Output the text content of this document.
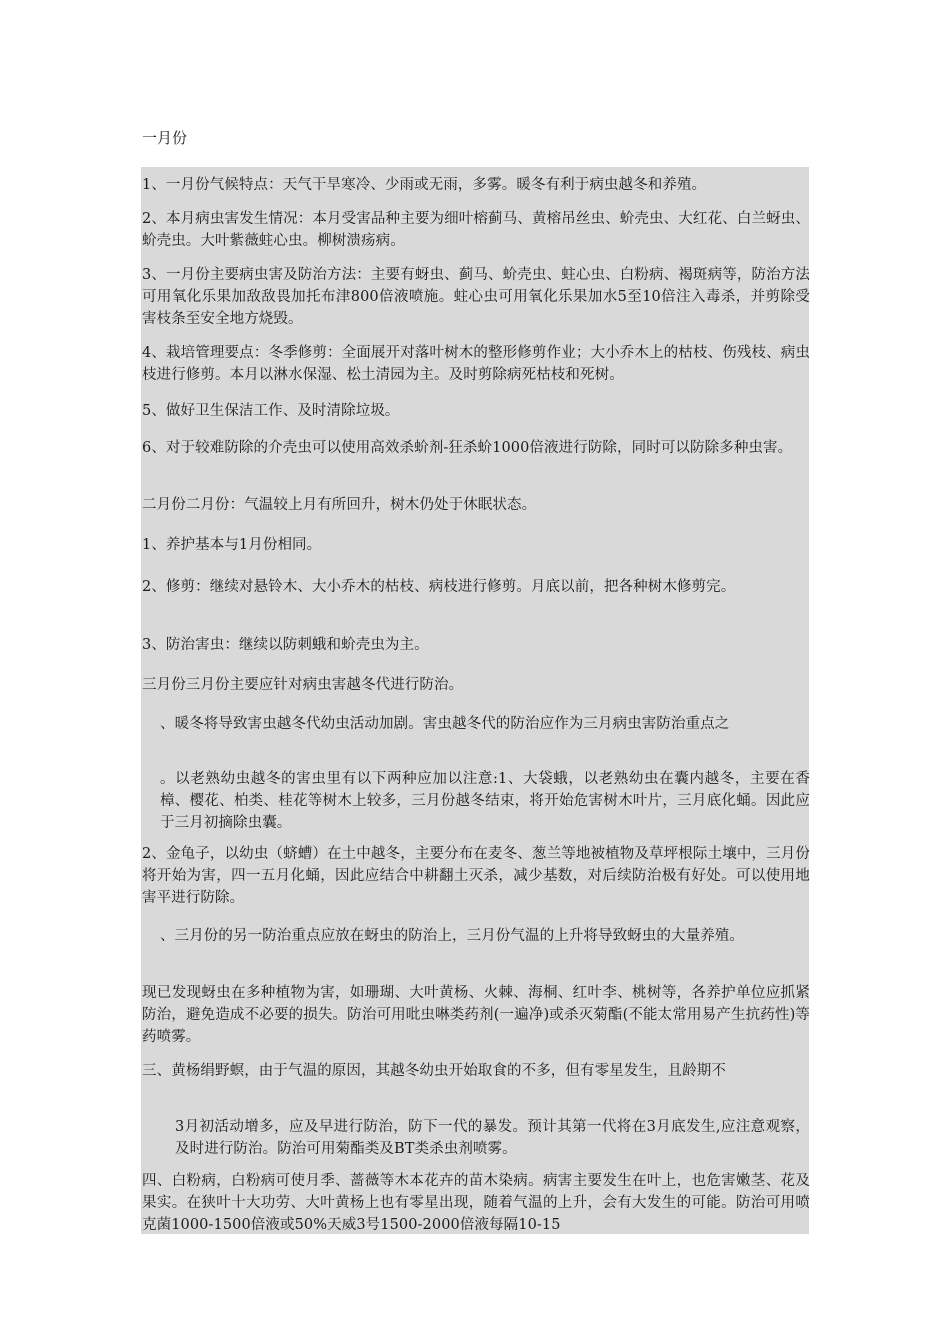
一月份

1、一月份气候特点：天气干旱寒冷、少雨或无雨，多雾。暖冬有利于病虫越冬和养殖。

2、本月病虫害发生情况：本月受害品种主要为细叶榕蓟马、黄榕吊丝虫、蚧壳虫、大红花、白兰蚜虫、蚧壳虫。大叶紫薇蛀心虫。柳树溃疡病。

3、一月份主要病虫害及防治方法：主要有蚜虫、蓟马、蚧壳虫、蛀心虫、白粉病、褐斑病等，防治方法可用氧化乐果加敌敌畏加托布津800倍液喷施。蛀心虫可用氧化乐果加水5至10倍注入毒杀，并剪除受害枝条至安全地方烧毁。

4、栽培管理要点：冬季修剪：全面展开对落叶树木的整形修剪作业；大小乔木上的枯枝、伤残枝、病虫枝进行修剪。本月以淋水保湿、松土清园为主。及时剪除病死枯枝和死树。

5、做好卫生保洁工作、及时清除垃圾。

6、对于较难防除的介壳虫可以使用高效杀蚧剂-狂杀蚧1000倍液进行防除，同时可以防除多种虫害。

二月份二月份：气温较上月有所回升，树木仍处于休眠状态。

1、养护基本与1月份相同。

2、修剪：继续对悬铃木、大小乔木的枯枝、病枝进行修剪。月底以前，把各种树木修剪完。

3、防治害虫：继续以防刺蛾和蚧壳虫为主。

三月份三月份主要应针对病虫害越冬代进行防治。

、暖冬将导致害虫越冬代幼虫活动加剧。害虫越冬代的防治应作为三月病虫害防治重点之

。以老熟幼虫越冬的害虫里有以下两种应加以注意:1、大袋蛾，以老熟幼虫在囊内越冬，主要在香樟、樱花、柏类、桂花等树木上较多，三月份越冬结束，将开始危害树木叶片，三月底化蛹。因此应于三月初摘除虫囊。

2、金龟子，以幼虫（蛴螬）在土中越冬，主要分布在麦冬、葱兰等地被植物及草坪根际土壤中，三月份将开始为害，四一五月化蛹，因此应结合中耕翻土灭杀，减少基数，对后续防治极有好处。可以使用地害平进行防除。

、三月份的另一防治重点应放在蚜虫的防治上，三月份气温的上升将导致蚜虫的大量养殖。

现已发现蚜虫在多种植物为害，如珊瑚、大叶黄杨、火棘、海桐、红叶李、桃树等，各养护单位应抓紧防治，避免造成不必要的损失。防治可用吡虫啉类药剂(一遍净)或杀灭菊酯(不能太常用易产生抗药性)等药喷雾。

三、黄杨绢野螟，由于气温的原因，其越冬幼虫开始取食的不多，但有零星发生，且龄期不

3月初活动增多，应及早进行防治，防下一代的暴发。预计其第一代将在3月底发生,应注意观察，及时进行防治。防治可用菊酯类及BT类杀虫剂喷雾。

四、白粉病，白粉病可使月季、蔷薇等木本花卉的苗木染病。病害主要发生在叶上，也危害嫩茎、花及果实。在狭叶十大功劳、大叶黄杨上也有零星出现，随着气温的上升，会有大发生的可能。防治可用喷克菌1000-1500倍液或50%天威3号1500-2000倍液每隔10-15
